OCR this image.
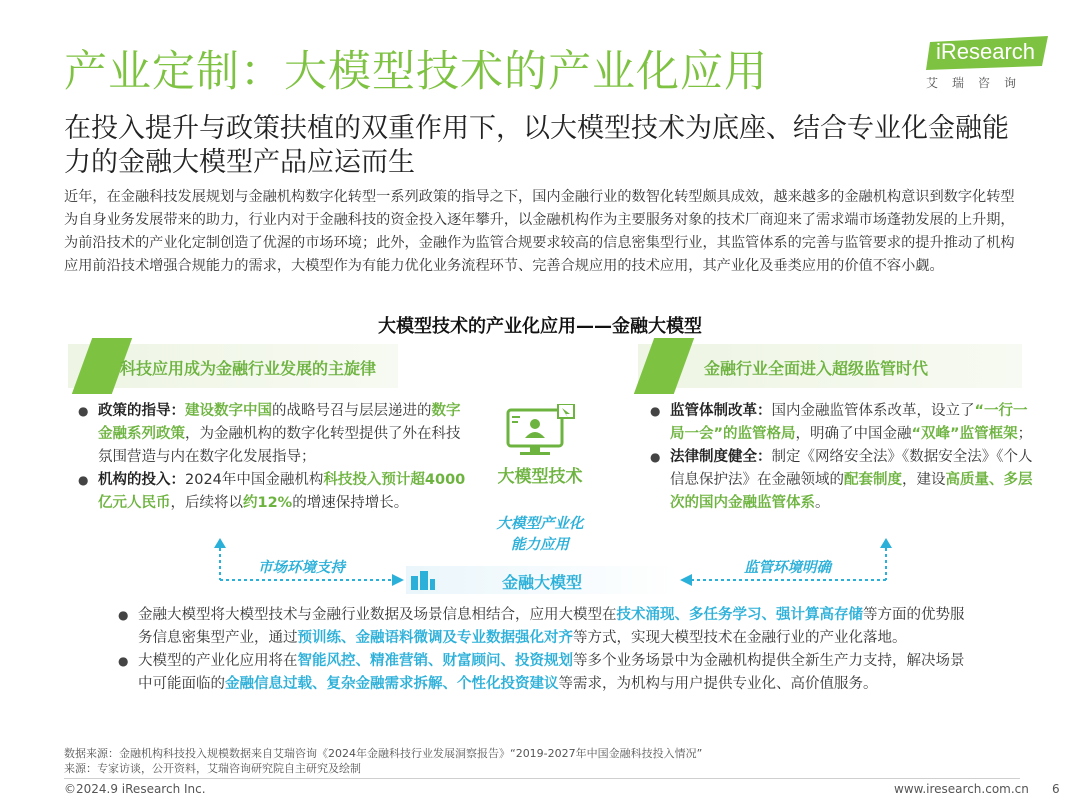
产业定制：大模型技术的产业化应用	iResearch
艾瑞咨询
在投入提升与政策扶植的双重作用下，以大模型技术为底座、结合专业化金融能力的金融大模型产品应运而生
近年，在金融科技发展规划与金融机构数字化转型一系列政策的指导之下，国内金融行业的数智化转型颇具成效，越来越多的金融机构意识到数字化转型为自身业务发展带来的助力，行业内对于金融科技的资金投入逐年攀升，以金融机构作为主要服务对象的技术厂商迎来了需求端市场蓬勃发展的上升期，为前沿技术的产业化定制创造了优渥的市场环境；此外，金融作为监管合规要求较高的信息密集型行业，其监管体系的完善与监管要求的提升推动了机构应用前沿技术增强合规能力的需求，大模型作为有能力优化业务流程环节、完善合规应用的技术应用，其产业化及垂类应用的价值不容小觑。
大模型技术的产业化应用——金融大模型
科技应用成为金融行业发展的主旋律	金融行业全面进入超级监管时代
● 政策的指导：建设数字中国的战略号召与层层递进的数字金融系列政策，为金融机构的数字化转型提供了外在科技氛围营造与内在数字化发展指导；
● 机构的投入：2024年中国金融机构科技投入预计超4000亿元人民币，后续将以约12%的增速保持增长。
● 监管体制改革：国内金融监管体系改革，设立了“一行一局一会”的监管格局，明确了中国金融“双峰”监管框架；
● 法律制度健全：制定《网络安全法》《数据安全法》《个人信息保护法》在金融领域的配套制度，建设高质量、多层次的国内金融监管体系。
大模型技术
大模型产业化
能力应用
市场环境支持	监管环境明确
金融大模型
● 金融大模型将大模型技术与金融行业数据及场景信息相结合，应用大模型在技术涌现、多任务学习、强计算高存储等方面的优势服务信息密集型产业，通过预训练、金融语料微调及专业数据强化对齐等方式，实现大模型技术在金融行业的产业化落地。
● 大模型的产业化应用将在智能风控、精准营销、财富顾问、投资规划等多个业务场景中为金融机构提供全新生产力支持，解决场景中可能面临的金融信息过载、复杂金融需求拆解、个性化投资建议等需求，为机构与用户提供专业化、高价值服务。
数据来源：金融机构科技投入规模数据来自艾瑞咨询《2024年金融科技行业发展洞察报告》“2019-2027年中国金融科技投入情况”
来源：专家访谈，公开资料，艾瑞咨询研究院自主研究及绘制
©2024.9 iResearch Inc.	www.iresearch.com.cn 6
